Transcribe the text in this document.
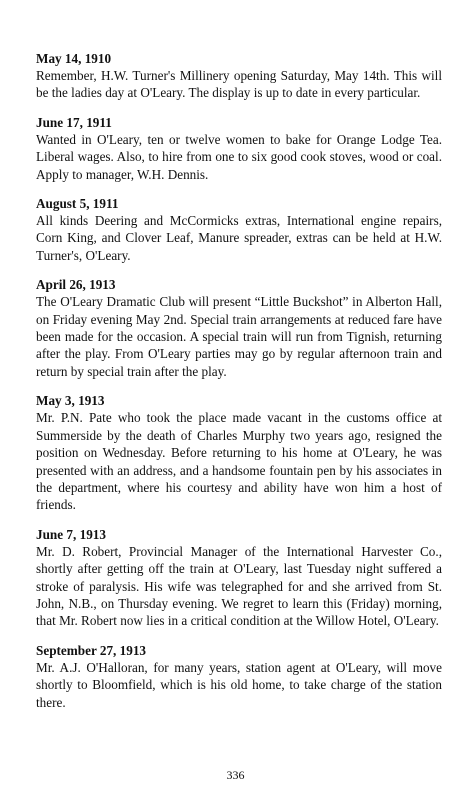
May 14, 1910

Remember, H.W. Turner's Millinery opening Saturday, May 14th. This will be the ladies day at O'Leary. The display is up to date in every particular.

June 17, 1911

Wanted in O'Leary, ten or twelve women to bake for Orange Lodge Tea. Liberal wages. Also, to hire from one to six good cook stoves, wood or coal. Apply to manager, W.H. Dennis.

August 5, 1911

All kinds Deering and McCormicks extras, International engine repairs, Corn King, and Clover Leaf, Manure spreader, extras can be held at H.W. Turner's, O'Leary.

April 26, 1913

The O'Leary Dramatic Club will present “Little Buckshot” in Alberton Hall, on Friday evening May 2nd. Special train arrangements at reduced fare have been made for the occasion. A special train will run from Tignish, returning after the play. From O'Leary parties may go by regular afternoon train and return by special train after the play.

May 3, 1913

Mr. P.N. Pate who took the place made vacant in the customs office at Summerside by the death of Charles Murphy two years ago, resigned the position on Wednesday. Before returning to his home at O'Leary, he was presented with an address, and a handsome fountain pen by his associates in the department, where his courtesy and ability have won him a host of friends.

June 7, 1913

Mr. D. Robert, Provincial Manager of the International Harvester Co., shortly after getting off the train at O'Leary, last Tuesday night suffered a stroke of paralysis. His wife was telegraphed for and she arrived from St. John, N.B., on Thursday evening. We regret to learn this (Friday) morning, that Mr. Robert now lies in a critical condition at the Willow Hotel, O'Leary.

September 27, 1913

Mr. A.J. O'Halloran, for many years, station agent at O'Leary, will move shortly to Bloomfield, which is his old home, to take charge of the station there.

336
